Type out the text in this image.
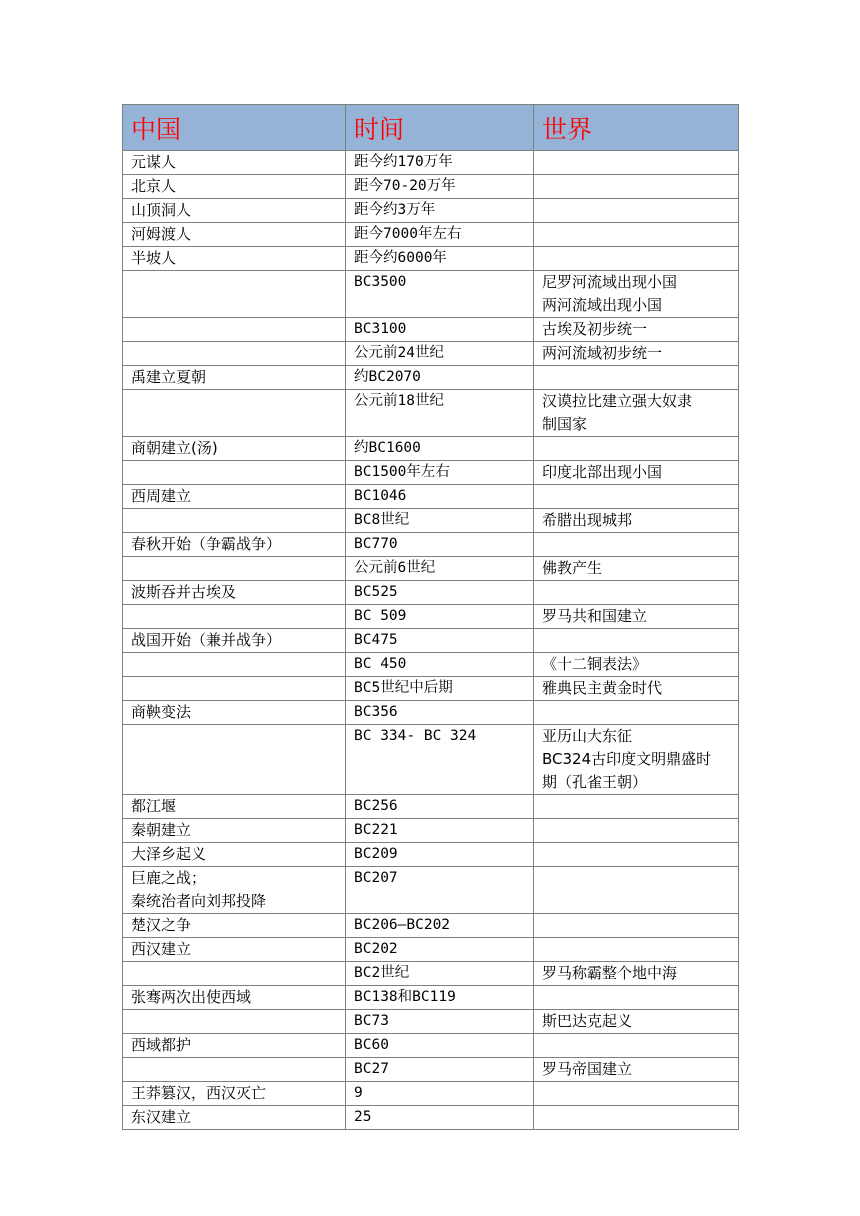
中国	时间	世界
元谋人	距今约170万年	
北京人	距今70-20万年	
山顶洞人	距今约3万年	
河姆渡人	距今7000年左右	
半坡人	距今约6000年	
	BC3500	尼罗河流域出现小国
两河流域出现小国
	BC3100	古埃及初步统一
	公元前24世纪	两河流域初步统一
禹建立夏朝	约BC2070	
	公元前18世纪	汉谟拉比建立强大奴隶
制国家
商朝建立(汤)	约BC1600	
	BC1500年左右	印度北部出现小国
西周建立	BC1046	
	BC8世纪	希腊出现城邦
春秋开始（争霸战争）	BC770	
	公元前6世纪	佛教产生
波斯吞并古埃及	BC525	
	BC 509	罗马共和国建立
战国开始（兼并战争）	BC475	
	BC 450	《十二铜表法》
	BC5世纪中后期	雅典民主黄金时代
商鞅变法	BC356	
	BC 334- BC 324	亚历山大东征
BC324古印度文明鼎盛时
期（孔雀王朝）
都江堰	BC256	
秦朝建立	BC221	
大泽乡起义	BC209	
巨鹿之战；
秦统治者向刘邦投降	BC207	
楚汉之争	BC206—BC202	
西汉建立	BC202	
	BC2世纪	罗马称霸整个地中海
张骞两次出使西域	BC138和BC119	
	BC73	斯巴达克起义
西域都护	BC60	
	BC27	罗马帝国建立
王莽篡汉，西汉灭亡	9	
东汉建立	25	
